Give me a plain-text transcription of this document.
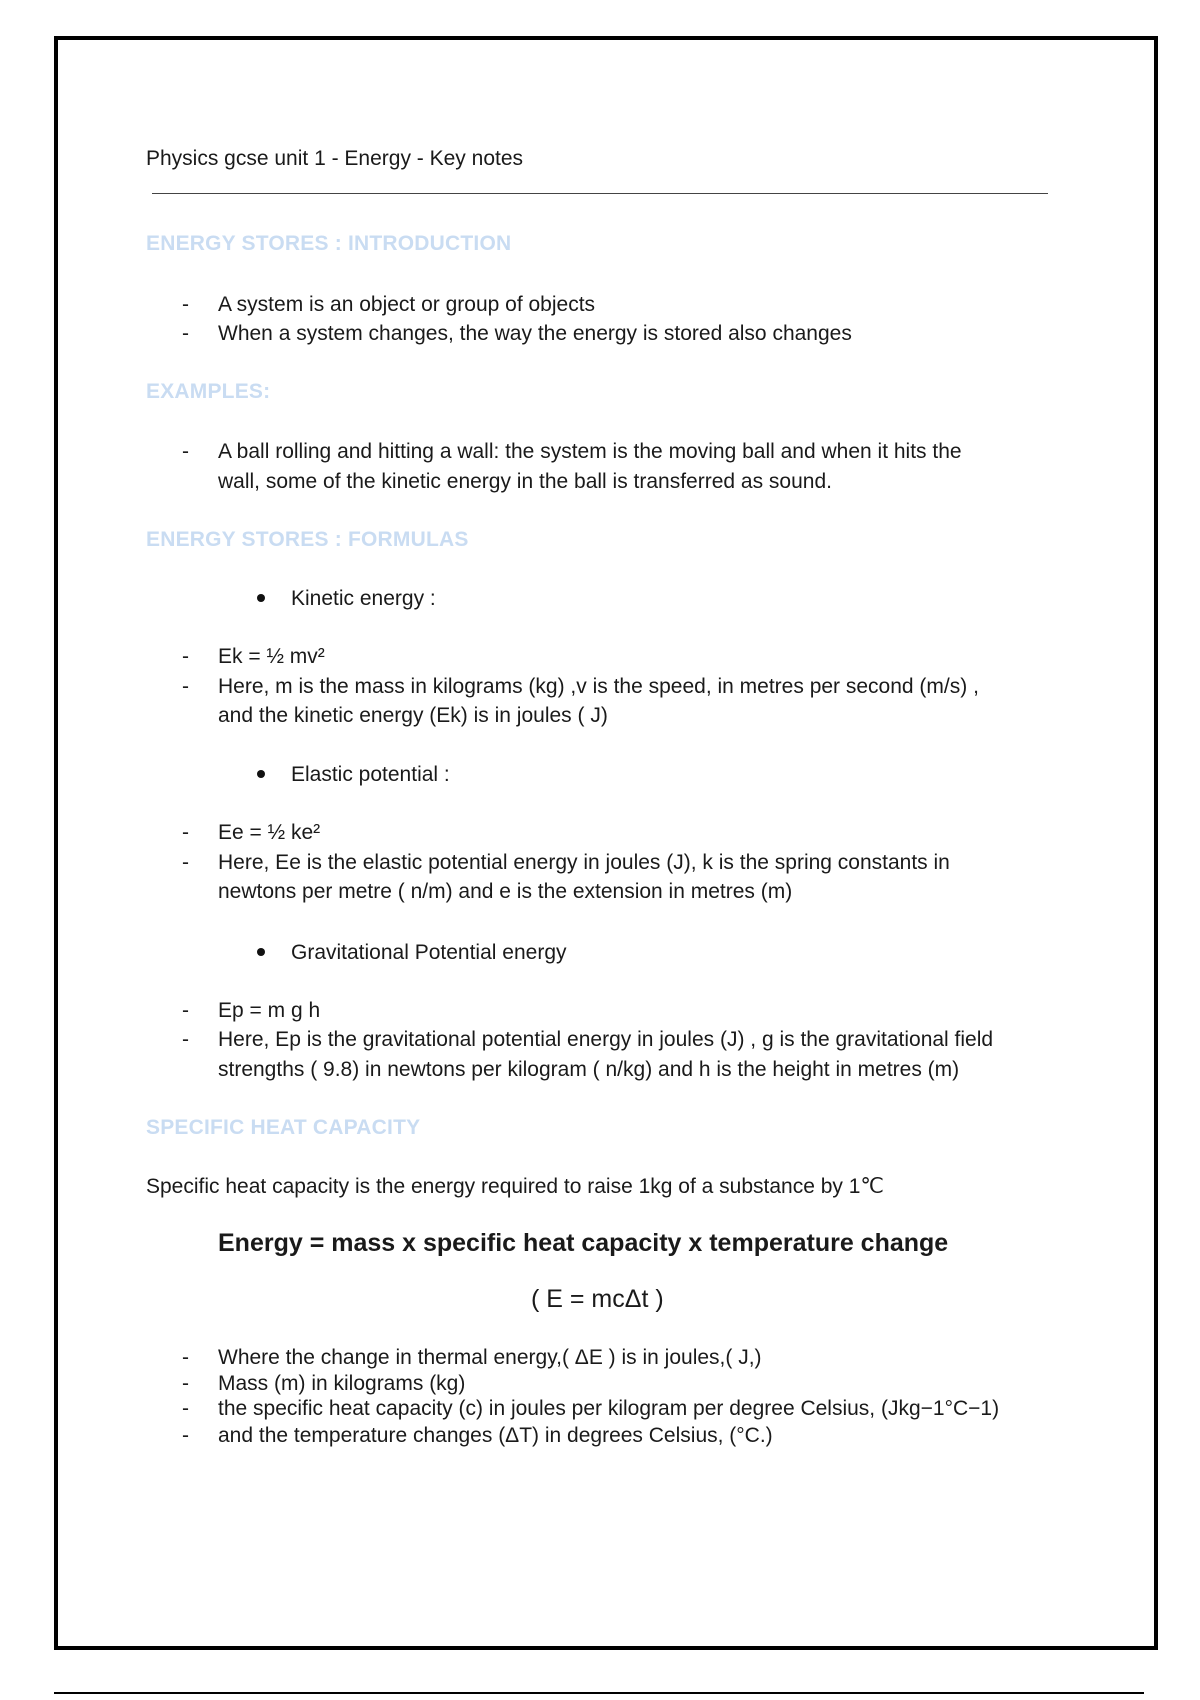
Physics gcse unit 1 - Energy - Key notes
ENERGY STORES : INTRODUCTION
- A system is an object or group of objects
- When a system changes, the way the energy is stored also changes
EXAMPLES:
- A ball rolling and hitting a wall: the system is the moving ball and when it hits the
wall, some of the kinetic energy in the ball is transferred as sound.
ENERGY STORES : FORMULAS
Kinetic energy :
- Ek = ½ mv²
- Here, m is the mass in kilograms (kg) ,v is the speed, in metres per second (m/s) ,
and the kinetic energy (Ek) is in joules ( J)
Elastic potential :
- Ee = ½ ke²
- Here, Ee is the elastic potential energy in joules (J), k is the spring constants in
newtons per metre ( n/m) and e is the extension in metres (m)
Gravitational Potential energy
- Ep = m g h
- Here, Ep is the gravitational potential energy in joules (J) , g is the gravitational field
strengths ( 9.8) in newtons per kilogram ( n/kg) and h is the height in metres (m)
SPECIFIC HEAT CAPACITY
Specific heat capacity is the energy required to raise 1kg of a substance by 1℃
Energy = mass x specific heat capacity x temperature change
( E = mcΔt )
- Where the change in thermal energy,( ΔE ) is in joules,( J,)
- Mass (m) in kilograms (kg)
- the specific heat capacity (c) in joules per kilogram per degree Celsius, (Jkg−1°C−1)
- and the temperature changes (ΔT) in degrees Celsius, (°C.)
